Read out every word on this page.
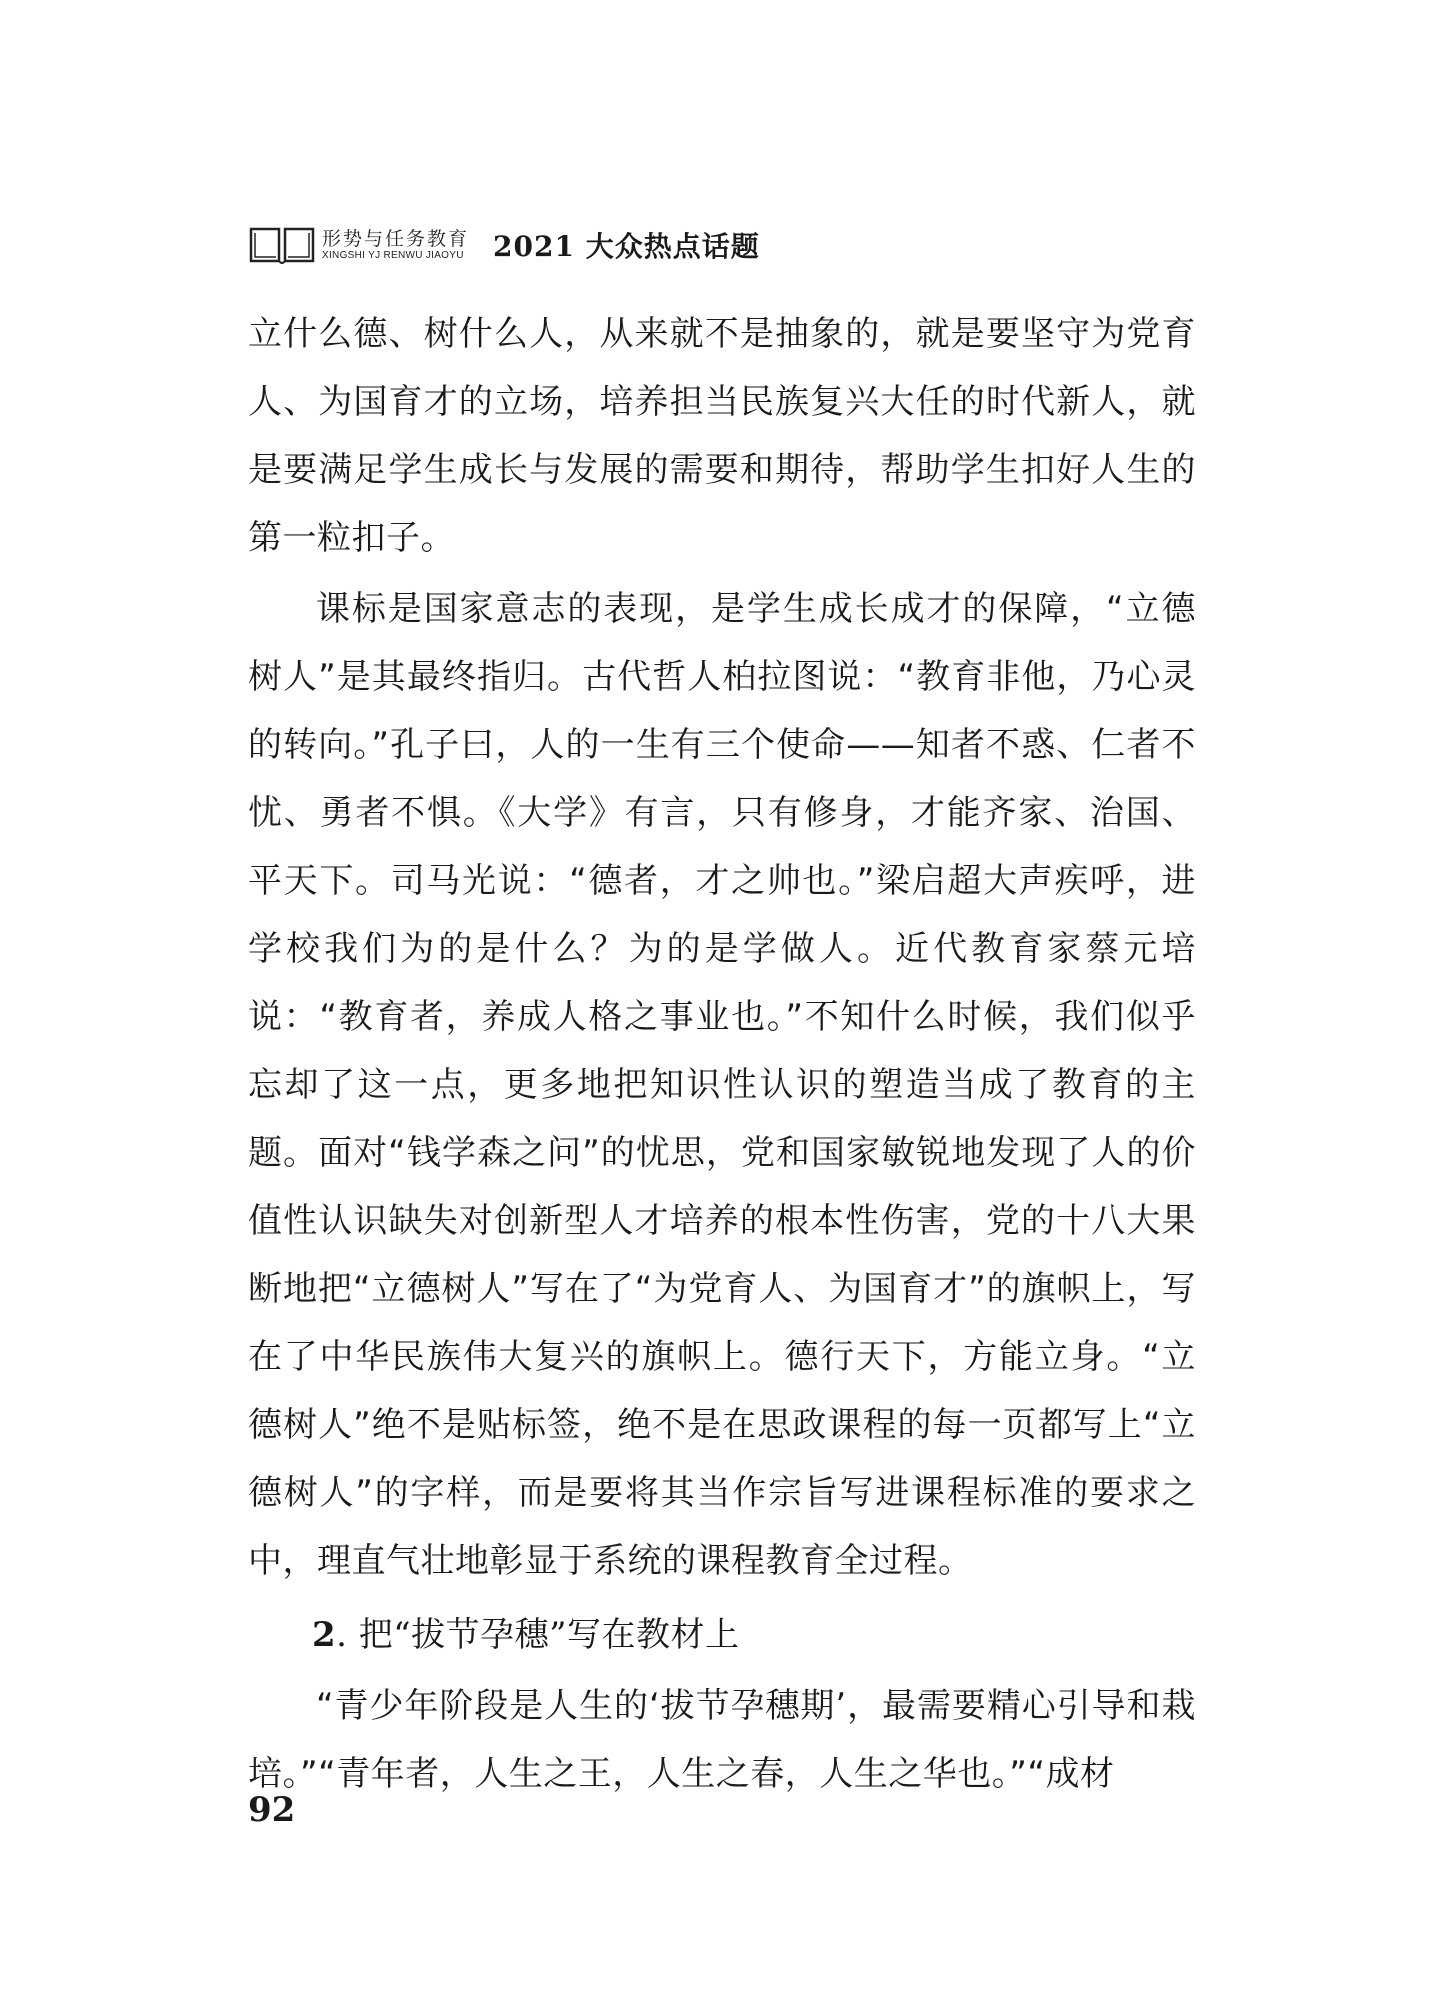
形势与任务教育
XINGSHI YJ RENWU JIAOYU 2021 大众热点话题

立什么德、树什么人，从来就不是抽象的，就是要坚守为党育人、为国育才的立场，培养担当民族复兴大任的时代新人，就是要满足学生成长与发展的需要和期待，帮助学生扣好人生的第一粒扣子。

课标是国家意志的表现，是学生成长成才的保障，“立德树人”是其最终指归。古代哲人柏拉图说：“教育非他，乃心灵的转向。”孔子曰，人的一生有三个使命——知者不惑、仁者不忧、勇者不惧。《大学》有言，只有修身，才能齐家、治国、平天下。司马光说：“德者，才之帅也。”梁启超大声疾呼，进学校我们为的是什么？为的是学做人。近代教育家蔡元培说：“教育者，养成人格之事业也。”不知什么时候，我们似乎忘却了这一点，更多地把知识性认识的塑造当成了教育的主题。面对“钱学森之问”的忧思，党和国家敏锐地发现了人的价值性认识缺失对创新型人才培养的根本性伤害，党的十八大果断地把“立德树人”写在了“为党育人、为国育才”的旗帜上，写在了中华民族伟大复兴的旗帜上。德行天下，方能立身。“立德树人”绝不是贴标签，绝不是在思政课程的每一页都写上“立德树人”的字样，而是要将其当作宗旨写进课程标准的要求之中，理直气壮地彰显于系统的课程教育全过程。

2. 把“拔节孕穗”写在教材上

“青少年阶段是人生的‘拔节孕穗期’，最需要精心引导和栽培。”“青年者，人生之王，人生之春，人生之华也。”“成材

92
